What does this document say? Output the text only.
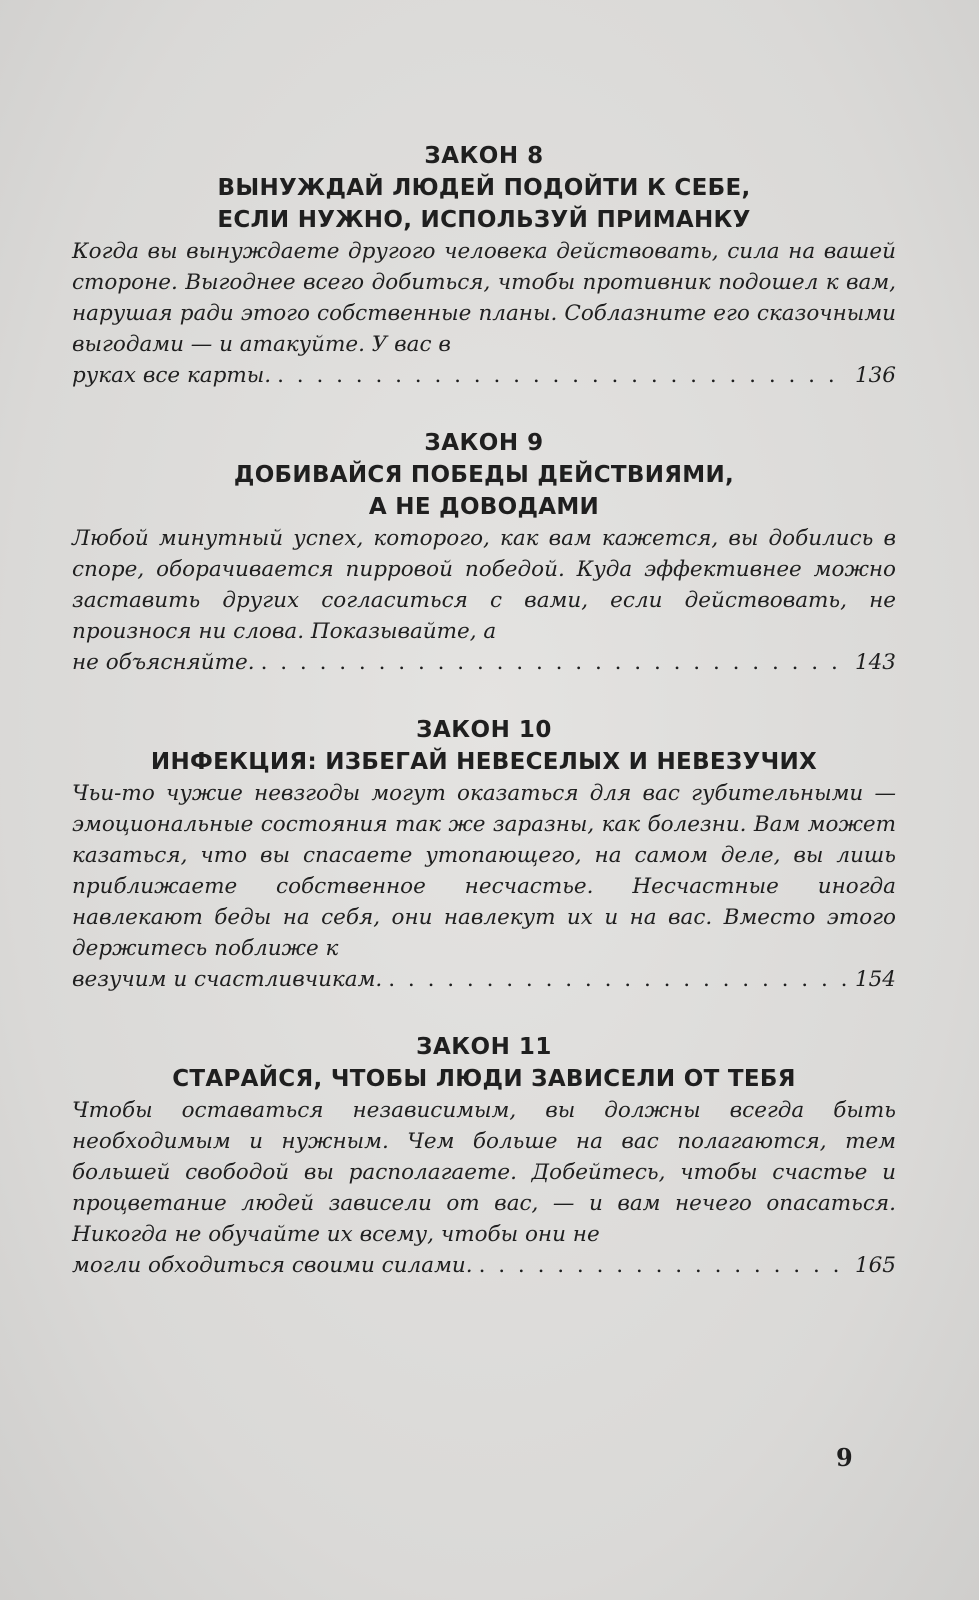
ЗАКОН 8
ВЫНУЖДАЙ ЛЮДЕЙ ПОДОЙТИ К СЕБЕ,
ЕСЛИ НУЖНО, ИСПОЛЬЗУЙ ПРИМАНКУ
Когда вы вынуждаете другого человека действовать, сила на вашей стороне. Выгоднее всего добиться, чтобы противник подошел к вам, нарушая ради этого собственные планы. Соблазните его сказочными выгодами — и атакуйте. У вас в
руках все карты. . . .	136
ЗАКОН 9
ДОБИВАЙСЯ ПОБЕДЫ ДЕЙСТВИЯМИ,
А НЕ ДОВОДАМИ
Любой минутный успех, которого, как вам кажется, вы добились в споре, оборачивается пирровой победой. Куда эффективнее можно заставить других согласиться с вами, если действовать, не произнося ни слова. Показывайте, а
не объясняйте. . . .	143
ЗАКОН 10
ИНФЕКЦИЯ: ИЗБЕГАЙ НЕВЕСЕЛЫХ И НЕВЕЗУЧИХ
Чьи-то чужие невзгоды могут оказаться для вас губительными — эмоциональные состояния так же заразны, как болезни. Вам может казаться, что вы спасаете утопающего, на самом деле, вы лишь приближаете собственное несчастье. Несчастные иногда навлекают беды на себя, они навлекут их и на вас. Вместо этого держитесь поближе к
везучим и счастливчикам. . . .	154
ЗАКОН 11
СТАРАЙСЯ, ЧТОБЫ ЛЮДИ ЗАВИСЕЛИ ОТ ТЕБЯ
Чтобы оставаться независимым, вы должны всегда быть необходимым и нужным. Чем больше на вас полагаются, тем большей свободой вы располагаете. Добейтесь, чтобы счастье и процветание людей зависели от вас, — и вам нечего опасаться. Никогда не обучайте их всему, чтобы они не
могли обходиться своими силами. . . .	165
9
